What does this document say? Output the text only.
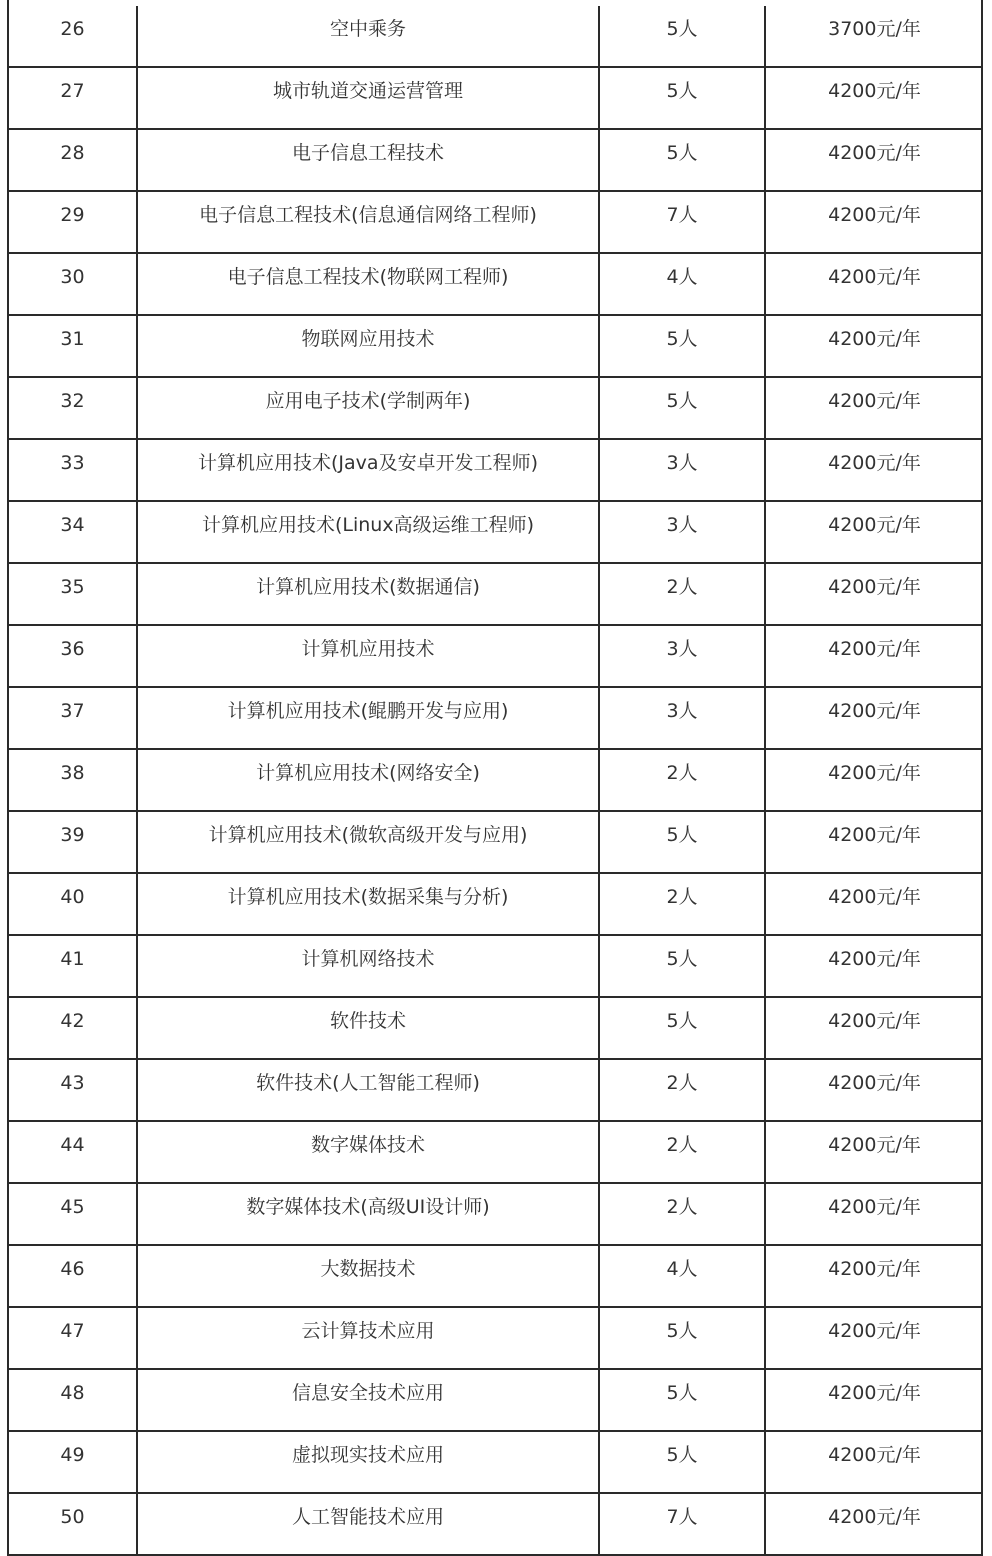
26	空中乘务	5人	3700元/年
27	城市轨道交通运营管理	5人	4200元/年
28	电子信息工程技术	5人	4200元/年
29	电子信息工程技术(信息通信网络工程师)	7人	4200元/年
30	电子信息工程技术(物联网工程师)	4人	4200元/年
31	物联网应用技术	5人	4200元/年
32	应用电子技术(学制两年)	5人	4200元/年
33	计算机应用技术(Java及安卓开发工程师)	3人	4200元/年
34	计算机应用技术(Linux高级运维工程师)	3人	4200元/年
35	计算机应用技术(数据通信)	2人	4200元/年
36	计算机应用技术	3人	4200元/年
37	计算机应用技术(鲲鹏开发与应用)	3人	4200元/年
38	计算机应用技术(网络安全)	2人	4200元/年
39	计算机应用技术(微软高级开发与应用)	5人	4200元/年
40	计算机应用技术(数据采集与分析)	2人	4200元/年
41	计算机网络技术	5人	4200元/年
42	软件技术	5人	4200元/年
43	软件技术(人工智能工程师)	2人	4200元/年
44	数字媒体技术	2人	4200元/年
45	数字媒体技术(高级UI设计师)	2人	4200元/年
46	大数据技术	4人	4200元/年
47	云计算技术应用	5人	4200元/年
48	信息安全技术应用	5人	4200元/年
49	虚拟现实技术应用	5人	4200元/年
50	人工智能技术应用	7人	4200元/年
